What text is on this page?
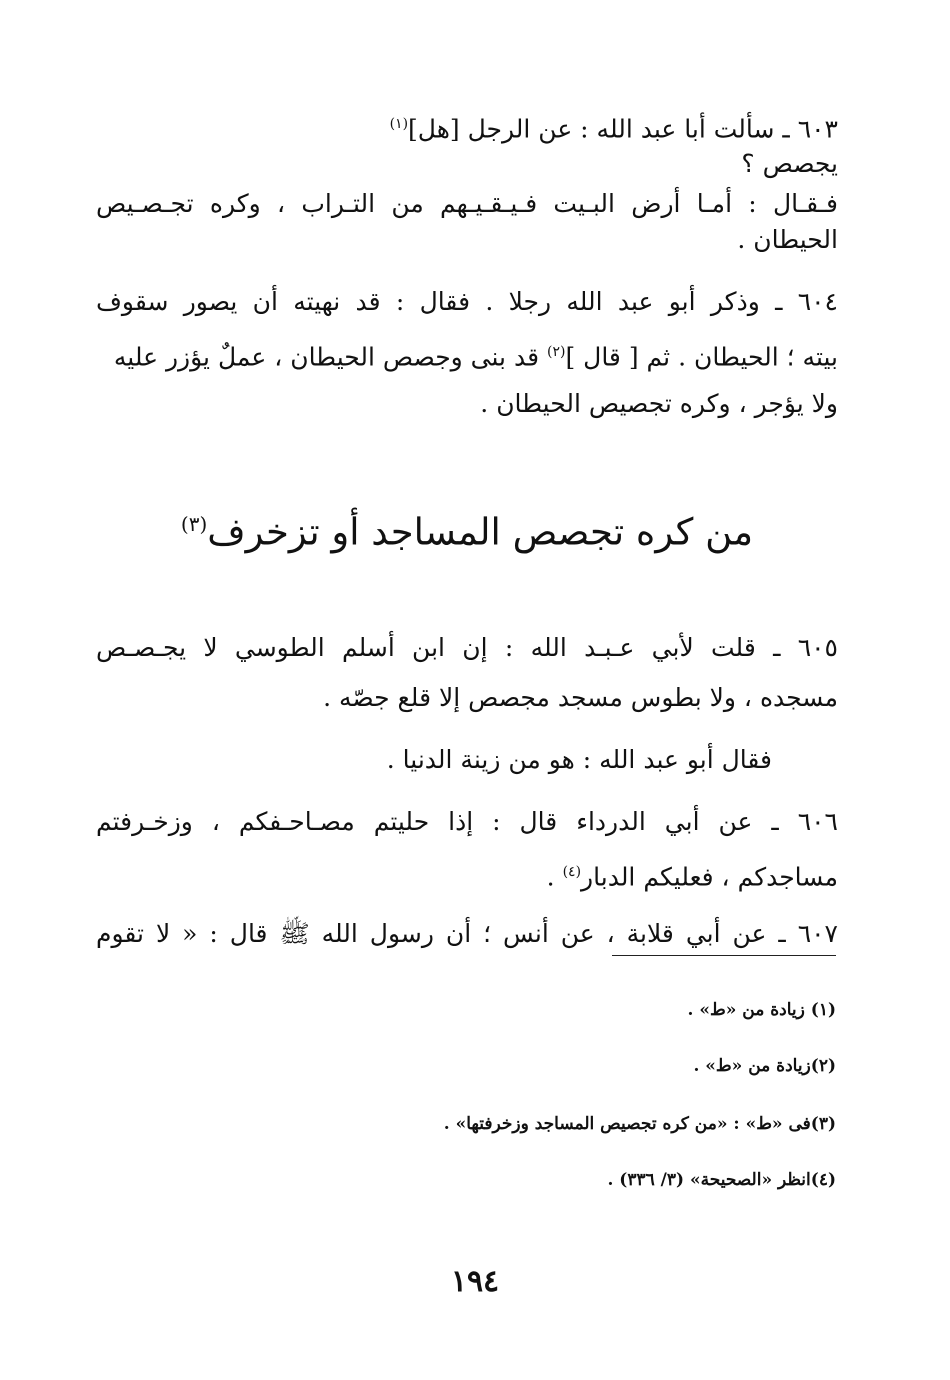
٦٠٣ ـ سألت أبا عبد الله : عن الرجل [هل]$^{(١)}$
يجصص ؟
فـقـال : أمـا أرض البـيت فـيـقـيـهم من التـراب ، وكره تجـصـيص
الحيطان .
٦٠٤ ـ وذكر أبو عبد الله رجلا . فقال : قد نهيته أن يصور سقوف
بيته ؛ الحيطان . ثم [ قال ]$^{(٢)}$ قد بنى وجصص الحيطان ، عملٌ يؤزر عليه
ولا يؤجر ، وكره تجصيص الحيطان .
من كره تجصص المساجد أو تزخرف$^{(٣)}$
٦٠٥ ـ قلت لأبي عـبـد الله : إن ابن أسلم الطوسي لا يجـصـص
مسجده ، ولا بطوس مسجد مجصص إلا قلع جصّه .
فقال أبو عبد الله : هو من زينة الدنيا .
٦٠٦ ـ عن أبي الدرداء قال : إذا حليتم مصـاحـفكم ، وزخـرفتم
مساجدكم ، فعليكم الدبار$^{(٤)}$ .
٦٠٧ ـ عن أبي قلابة ، عن أنس ؛ أن رسول الله ﷺ قال : « لا تقوم
(١) زيادة من «ط» .
(٢)زيادة من «ط» .
(٣)فى «ط» : «من كره تجصيص المساجد وزخرفتها» .
(٤)انظر «الصحيحة» (٣/ ٣٣٦) .
١٩٤
